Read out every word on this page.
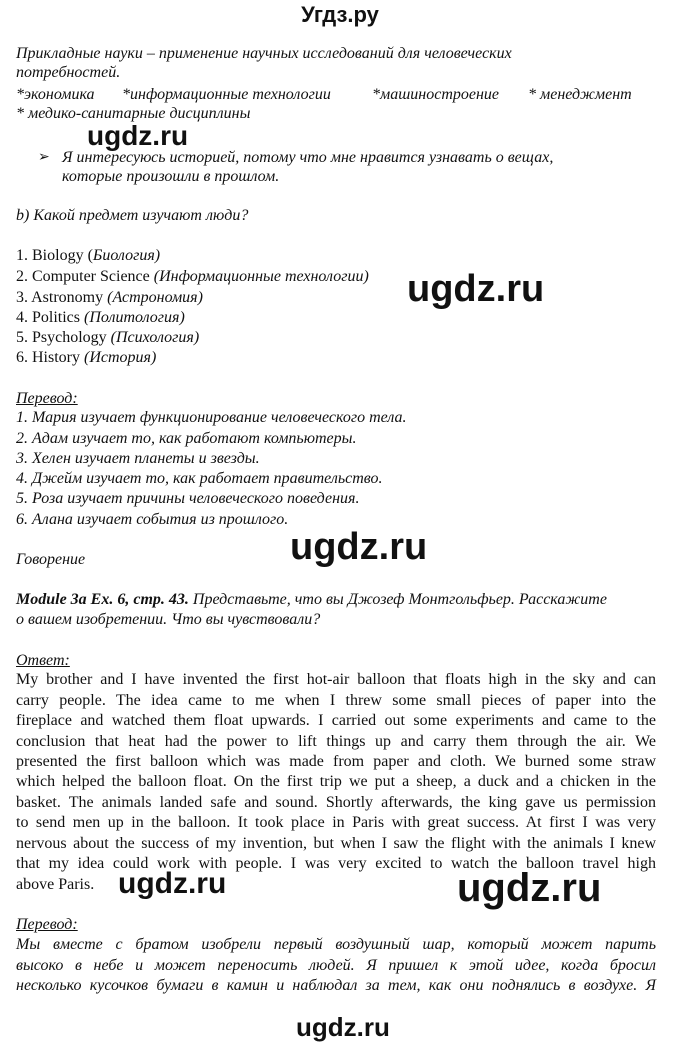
Угдз.ру
Прикладные науки – применение научных исследований для человеческих
потребностей.
*экономика *информационные технологии	*машиностроение * менеджмент
* медико-санитарные дисциплины
ugdz.ru
➢ Я интересуюсь историей, потому что мне нравится узнавать о вещах,
которые произошли в прошлом.
b) Какой предмет изучают люди?
1. Biology (Биология)
2. Computer Science (Информационные технологии)
3. Astronomy (Астрономия)
4. Politics (Политология)
5. Psychology (Психология)
6. History (История)
ugdz.ru
Перевод:
1. Мария изучает функционирование человеческого тела.
2. Адам изучает то, как работают компьютеры.
3. Хелен изучает планеты и звезды.
4. Джейм изучает то, как работает правительство.
5. Роза изучает причины человеческого поведения.
6. Алана изучает события из прошлого.
Говорение	ugdz.ru
Module 3a Ex. 6, стр. 43. Представьте, что вы Джозеф Монтгольфьер. Расскажите
о вашем изобретении. Что вы чувствовали?
Ответ:
My brother and I have invented the first hot-air balloon that floats high in the sky and can
carry people. The idea came to me when I threw some small pieces of paper into the
fireplace and watched them float upwards. I carried out some experiments and came to the
conclusion that heat had the power to lift things up and carry them through the air. We
presented the first balloon which was made from paper and cloth. We burned some straw
which helped the balloon float. On the first trip we put a sheep, a duck and a chicken in the
basket. The animals landed safe and sound. Shortly afterwards, the king gave us permission
to send men up in the balloon. It took place in Paris with great success. At first I was very
nervous about the success of my invention, but when I saw the flight with the animals I knew
that my idea could work with people. I was very excited to watch the balloon travel high
above Paris. ugdz.ru	ugdz.ru
Перевод:
Мы вместе с братом изобрели первый воздушный шар, который может парить
высоко в небе и может переносить людей. Я пришел к этой идее, когда бросил
несколько кусочков бумаги в камин и наблюдал за тем, как они поднялись в воздухе. Я
ugdz.ru
